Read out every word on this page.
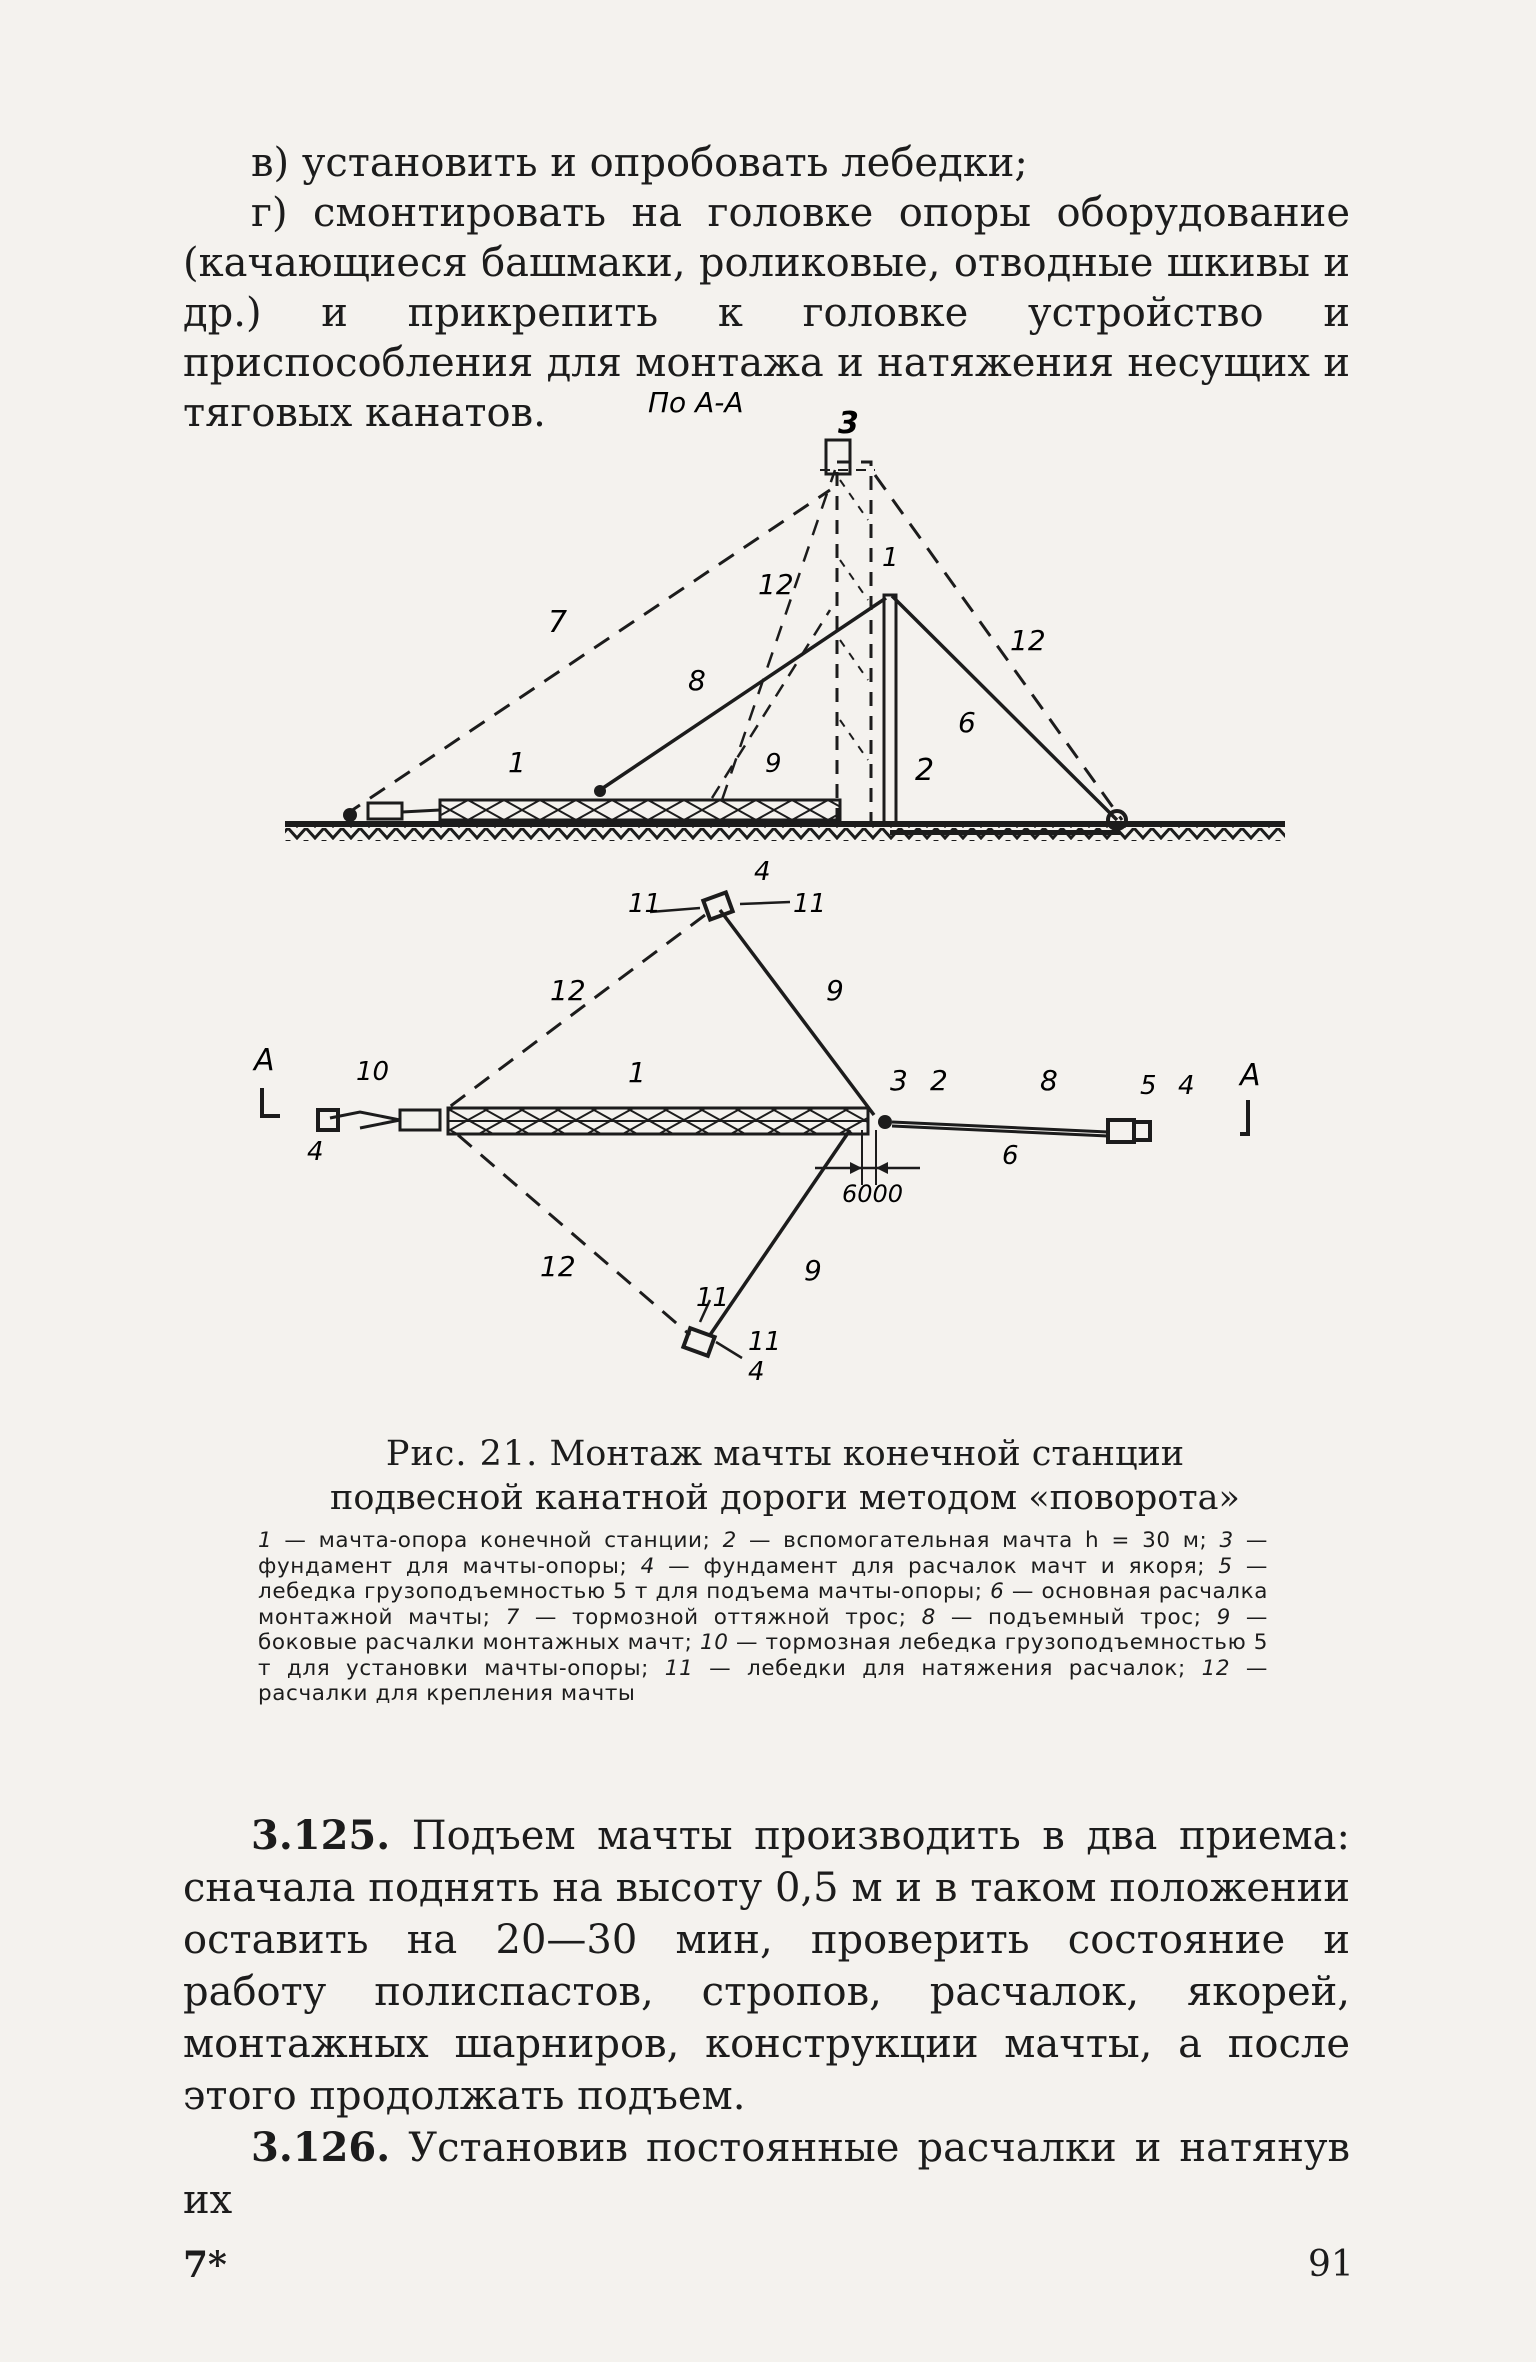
в) установить и опробовать лебедки;

г) смонтировать на головке опоры оборудование (качающиеся башмаки, роликовые, отводные шкивы и др.) и прикрепить к головке устройство и приспособления для монтажа и натяжения несущих и тяговых канатов.	По А-А
3
1
7
12
8
9
1	2
6
12
4
11	11
12	9
А	10
4
1	3 2	8	5 4 А
6
6000
12	9
11
11
4
Рис. 21. Монтаж мачты конечной станции подвесной канатной дороги методом «поворота»
1 — мачта-опора конечной станции; 2 — вспомогательная мачта h = 30 м; 3 — фундамент для мачты-опоры; 4 — фундамент для расчалок мачт и якоря; 5 — лебедка грузоподъемностью 5 т для подъема мачты-опоры; 6 — основная расчалка монтажной мачты; 7 — тормозной оттяжной трос; 8 — подъемный трос; 9 — боковые расчалки монтажных мачт; 10 — тормозная лебедка грузоподъемностью 5 т для установки мачты-опоры; 11 — лебедки для натяжения расчалок; 12 — расчалки для крепления мачты

3.125. Подъем мачты производить в два приема: сначала поднять на высоту 0,5 м и в таком положении оставить на 20—30 мин, проверить состояние и работу полиспастов, стропов, расчалок, якорей, монтажных шарниров, конструкции мачты, а после этого продолжать подъем.

3.126. Установив постоянные расчалки и натянув их

7*	91
